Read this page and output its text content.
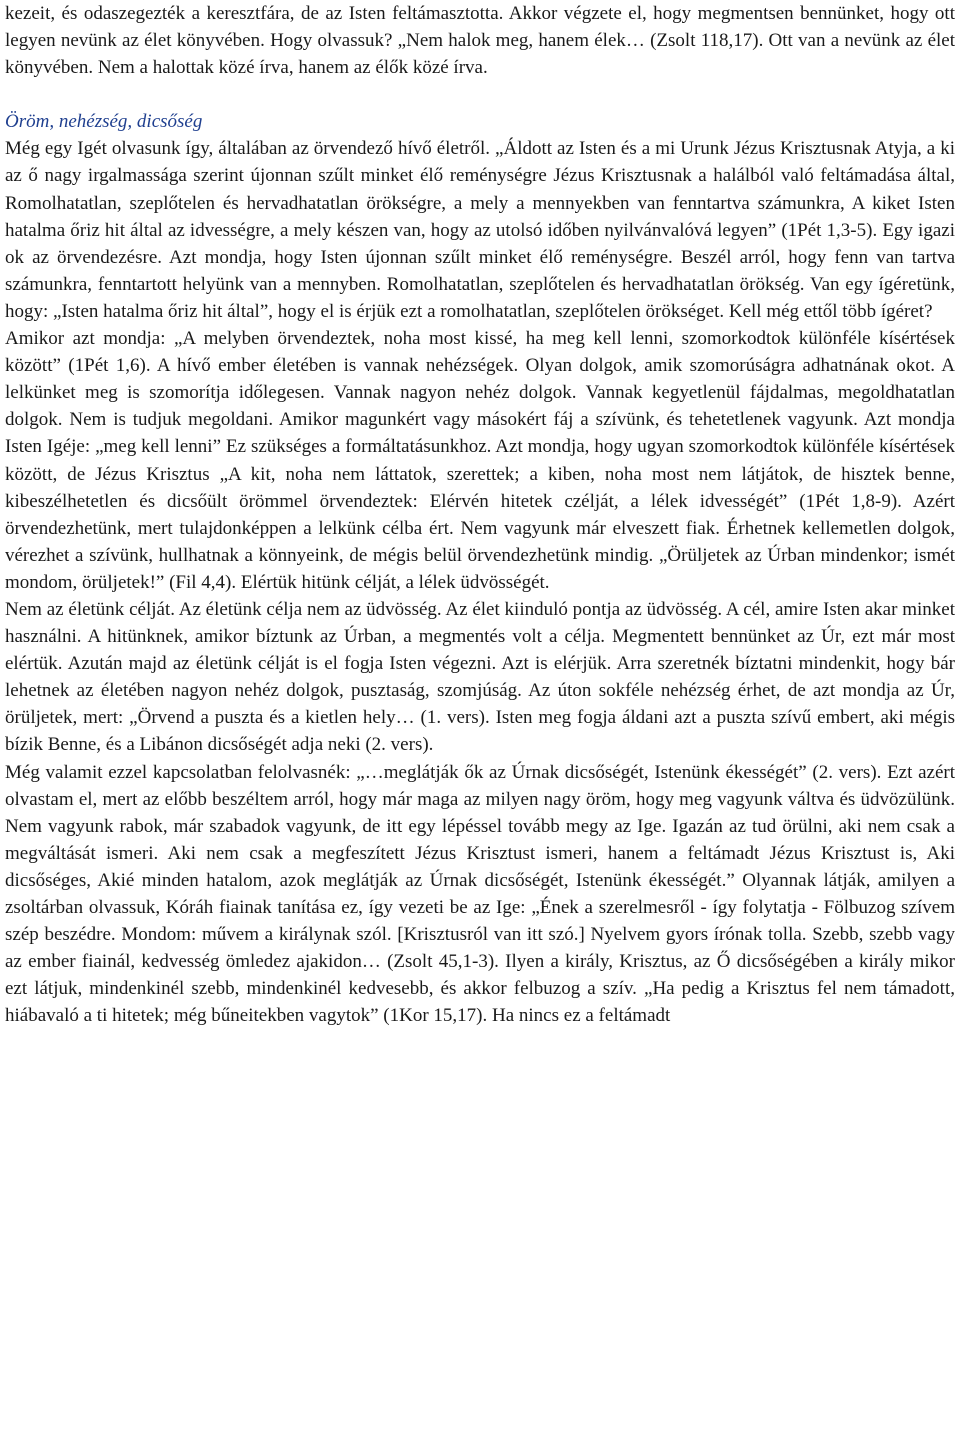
kezeit, és odaszegezték a keresztfára, de az Isten feltámasztotta. Akkor végzete el, hogy megmentsen bennünket, hogy ott legyen nevünk az élet könyvében. Hogy olvassuk? „Nem halok meg, hanem élek… (Zsolt 118,17). Ott van a nevünk az élet könyvében. Nem a halottak közé írva, hanem az élők közé írva.

Öröm, nehézség, dicsőség

Még egy Igét olvasunk így, általában az örvendező hívő életről. „Áldott az Isten és a mi Urunk Jézus Krisztusnak Atyja, a ki az ő nagy irgalmassága szerint újonnan szűlt minket élő reménységre Jézus Krisztusnak a halálból való feltámadása által, Romolhatatlan, szeplőtelen és hervadhatatlan örökségre, a mely a mennyekben van fenntartva számunkra, A kiket Isten hatalma őriz hit által az idvességre, a mely készen van, hogy az utolsó időben nyilvánvalóvá legyen” (1Pét 1,3-5). Egy igazi ok az örvendezésre. Azt mondja, hogy Isten újonnan szűlt minket élő reménységre. Beszél arról, hogy fenn van tartva számunkra, fenntartott helyünk van a mennyben. Romolhatatlan, szeplőtelen és hervadhatatlan örökség. Van egy ígéretünk, hogy: „Isten hatalma őriz hit által”, hogy el is érjük ezt a romolhatatlan, szeplőtelen örökséget. Kell még ettől több ígéret?

Amikor azt mondja: „A melyben örvendeztek, noha most kissé, ha meg kell lenni, szomorkodtok különféle kísértések között” (1Pét 1,6). A hívő ember életében is vannak nehézségek. Olyan dolgok, amik szomorúságra adhatnának okot. A lelkünket meg is szomorítja időlegesen. Vannak nagyon nehéz dolgok. Vannak kegyetlenül fájdalmas, megoldhatatlan dolgok. Nem is tudjuk megoldani. Amikor magunkért vagy másokért fáj a szívünk, és tehetetlenek vagyunk. Azt mondja Isten Igéje: „meg kell lenni” Ez szükséges a formáltatásunkhoz. Azt mondja, hogy ugyan szomorkodtok különféle kísértések között, de Jézus Krisztus „A kit, noha nem láttatok, szerettek; a kiben, noha most nem látjátok, de hisztek benne, kibeszélhetetlen és dicsőült örömmel örvendeztek: Elérvén hitetek czélját, a lélek idvességét” (1Pét 1,8-9). Azért örvendezhetünk, mert tulajdonképpen a lelkünk célba ért. Nem vagyunk már elveszett fiak. Érhetnek kellemetlen dolgok, vérezhet a szívünk, hullhatnak a könnyeink, de mégis belül örvendezhetünk mindig. „Örüljetek az Úrban mindenkor; ismét mondom, örüljetek!” (Fil 4,4). Elértük hitünk célját, a lélek üdvösségét.

Nem az életünk célját. Az életünk célja nem az üdvösség. Az élet kiinduló pontja az üdvösség. A cél, amire Isten akar minket használni. A hitünknek, amikor bíztunk az Úrban, a megmentés volt a célja. Megmentett bennünket az Úr, ezt már most elértük. Azután majd az életünk célját is el fogja Isten végezni. Azt is elérjük. Arra szeretnék bíztatni mindenkit, hogy bár lehetnek az életében nagyon nehéz dolgok, pusztaság, szomjúság. Az úton sokféle nehézség érhet, de azt mondja az Úr, örüljetek, mert: „Örvend a puszta és a kietlen hely… (1. vers). Isten meg fogja áldani azt a puszta szívű embert, aki mégis bízik Benne, és a Libánon dicsőségét adja neki (2. vers).

Még valamit ezzel kapcsolatban felolvasnék: „…meglátják ők az Úrnak dicsőségét, Istenünk ékességét” (2. vers). Ezt azért olvastam el, mert az előbb beszéltem arról, hogy már maga az milyen nagy öröm, hogy meg vagyunk váltva és üdvözülünk. Nem vagyunk rabok, már szabadok vagyunk, de itt egy lépéssel tovább megy az Ige. Igazán az tud örülni, aki nem csak a megváltását ismeri. Aki nem csak a megfeszített Jézus Krisztust ismeri, hanem a feltámadt Jézus Krisztust is, Aki dicsőséges, Akié minden hatalom, azok meglátják az Úrnak dicsőségét, Istenünk ékességét.” Olyannak látják, amilyen a zsoltárban olvassuk, Kóráh fiainak tanítása ez, így vezeti be az Ige: „Ének a szerelmesről - így folytatja - Fölbuzog szívem szép beszédre. Mondom: művem a királynak szól. [Krisztusról van itt szó.] Nyelvem gyors írónak tolla. Szebb, szebb vagy az ember fiainál, kedvesség ömledez ajakidon… (Zsolt 45,1-3). Ilyen a király, Krisztus, az Ő dicsőségében a király mikor ezt látjuk, mindenkinél szebb, mindenkinél kedvesebb, és akkor felbuzog a szív. „Ha pedig a Krisztus fel nem támadott, hiábavaló a ti hitetek; még bűneitekben vagytok” (1Kor 15,17). Ha nincs ez a feltámadt
